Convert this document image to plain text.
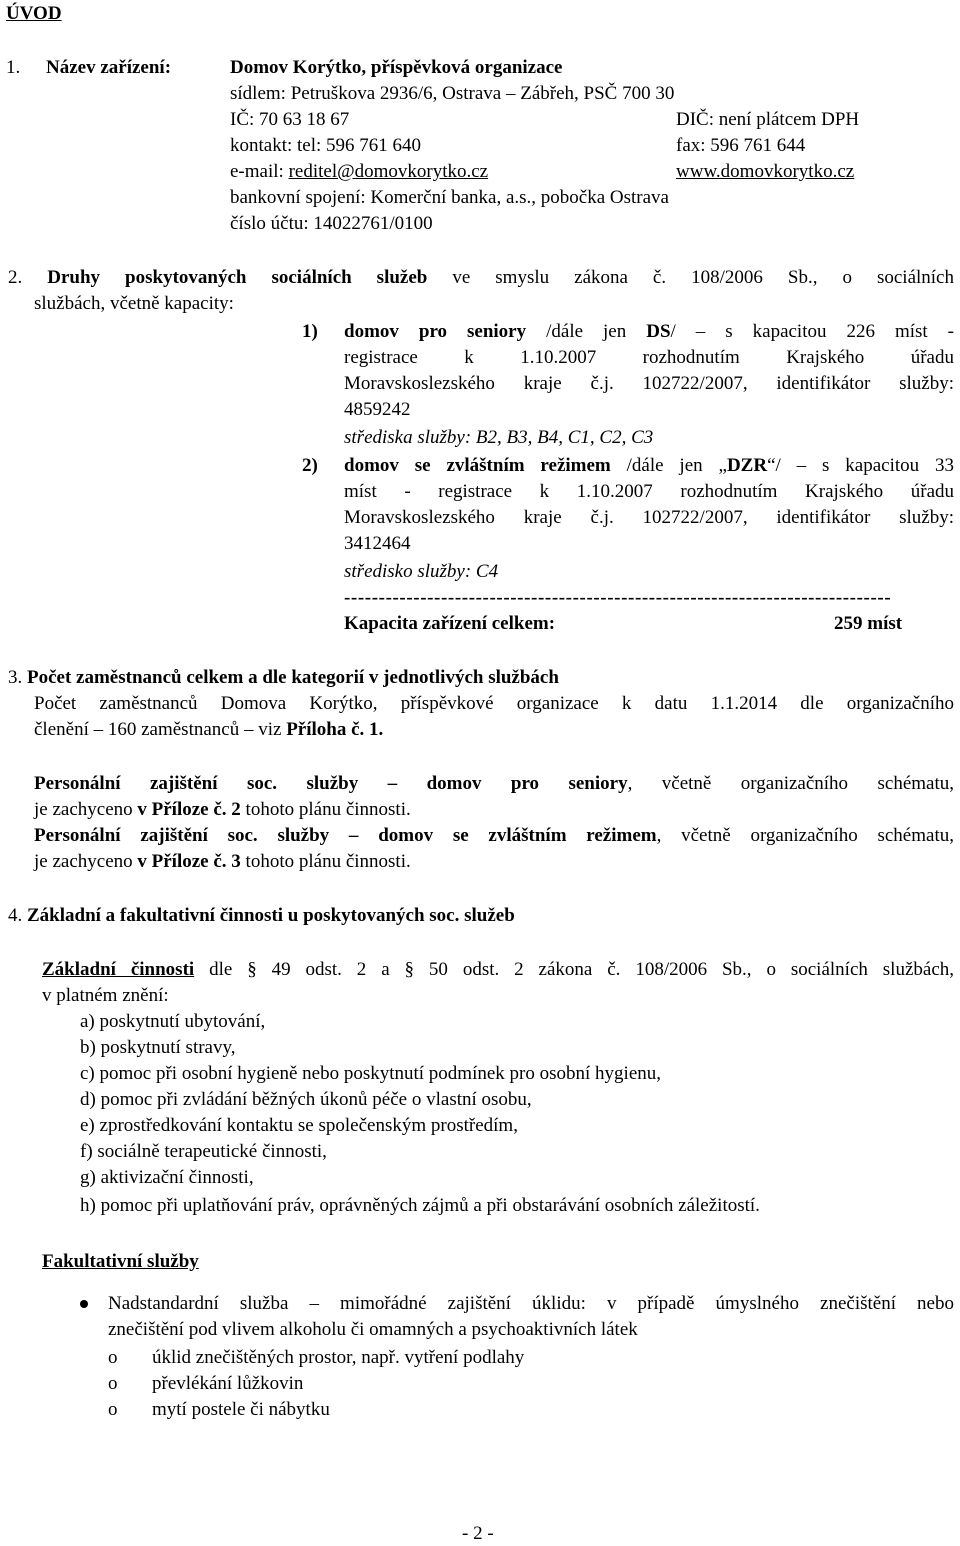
ÚVOD
1. Název zařízení:	Domov Korýtko, příspěvková organizace
sídlem: Petruškova 2936/6, Ostrava – Zábřeh, PSČ 700 30
IČ: 70 63 18 67	DIČ: není plátcem DPH
kontakt: tel: 596 761 640	fax: 596 761 644
e-mail: reditel@domovkorytko.cz	www.domovkorytko.cz
bankovní spojení: Komerční banka, a.s., pobočka Ostrava
číslo účtu: 14022761/0100
2. Druhy poskytovaných sociálních služeb ve smyslu zákona č. 108/2006 Sb., o sociálních
službách, včetně kapacity:
1) domov pro seniory /dále jen DS/ – s kapacitou 226 míst -
registrace k 1.10.2007 rozhodnutím Krajského úřadu
Moravskoslezského kraje č.j. 102722/2007, identifikátor služby:
4859242
střediska služby: B2, B3, B4, C1, C2, C3
2) domov se zvláštním režimem /dále jen „DZR“/ – s kapacitou 33
míst - registrace k 1.10.2007 rozhodnutím Krajského úřadu
Moravskoslezského kraje č.j. 102722/2007, identifikátor služby:
3412464
středisko služby: C4
-------------------------------------------------------------------------------
Kapacita zařízení celkem:	259 míst
3. Počet zaměstnanců celkem a dle kategorií v jednotlivých službách
Počet zaměstnanců Domova Korýtko, příspěvkové organizace k datu 1.1.2014 dle organizačního
členění – 160 zaměstnanců – viz Příloha č. 1.
Personální zajištění soc. služby – domov pro seniory, včetně organizačního schématu,
je zachyceno v Příloze č. 2 tohoto plánu činnosti.
Personální zajištění soc. služby – domov se zvláštním režimem, včetně organizačního schématu,
je zachyceno v Příloze č. 3 tohoto plánu činnosti.
4. Základní a fakultativní činnosti u poskytovaných soc. služeb
Základní činnosti dle § 49 odst. 2 a § 50 odst. 2 zákona č. 108/2006 Sb., o sociálních službách,
v platném znění:
a) poskytnutí ubytování,
b) poskytnutí stravy,
c) pomoc při osobní hygieně nebo poskytnutí podmínek pro osobní hygienu,
d) pomoc při zvládání běžných úkonů péče o vlastní osobu,
e) zprostředkování kontaktu se společenským prostředím,
f) sociálně terapeutické činnosti,
g) aktivizační činnosti,
h) pomoc při uplatňování práv, oprávněných zájmů a při obstarávání osobních záležitostí.
Fakultativní služby
Nadstandardní služba – mimořádné zajištění úklidu: v případě úmyslného znečištění nebo
znečištění pod vlivem alkoholu či omamných a psychoaktivních látek
o úklid znečištěných prostor, např. vytření podlahy
o převlékání lůžkovin
o mytí postele či nábytku
- 2 -
